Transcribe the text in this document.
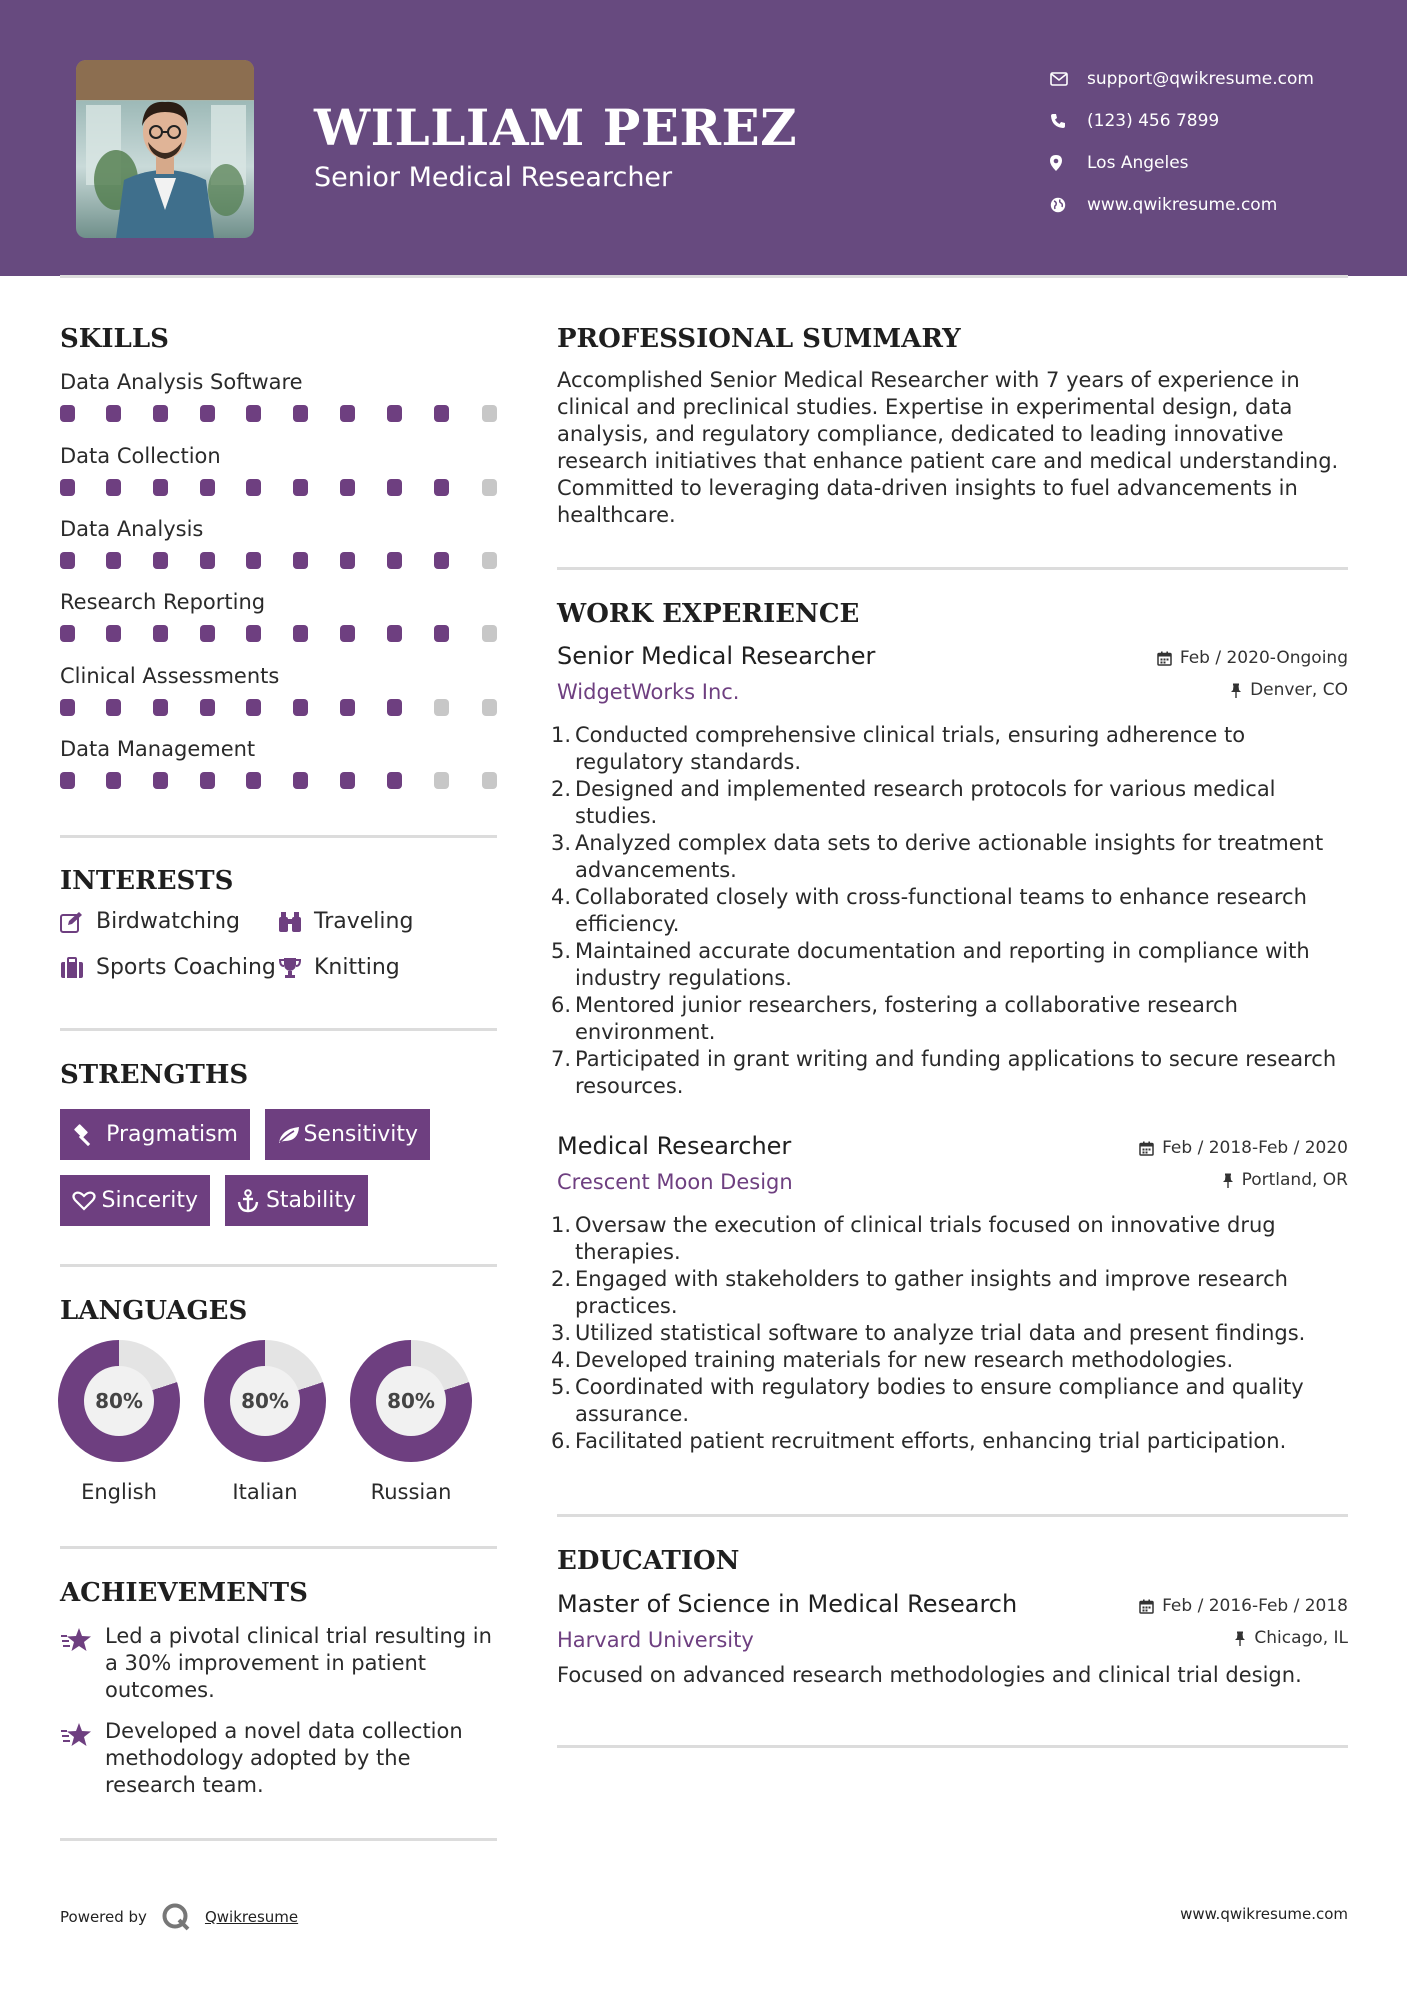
WILLIAM PEREZ
Senior Medical Researcher
support@qwikresume.com
(123) 456 7899
Los Angeles
www.qwikresume.com
SKILLS
Data Analysis Software
Data Collection
Data Analysis
Research Reporting
Clinical Assessments
Data Management
INTERESTS
Birdwatching	Traveling
Sports Coaching Knitting
STRENGTHS
Pragmatism	Sensitivity
Sincerity	Stability
LANGUAGES
80%
English
80%
Italian
80%
Russian
ACHIEVEMENTS
Led a pivotal clinical trial resulting in a 30% improvement in patient outcomes.
Developed a novel data collection methodology adopted by the research team.
PROFESSIONAL SUMMARY
Accomplished Senior Medical Researcher with 7 years of experience in clinical and preclinical studies. Expertise in experimental design, data analysis, and regulatory compliance, dedicated to leading innovative research initiatives that enhance patient care and medical understanding. Committed to leveraging data-driven insights to fuel advancements in healthcare.
WORK EXPERIENCE
Senior Medical Researcher
WidgetWorks Inc.
Feb / 2020-Ongoing
Denver, CO
1. Conducted comprehensive clinical trials, ensuring adherence to regulatory standards.
2. Designed and implemented research protocols for various medical studies.
3. Analyzed complex data sets to derive actionable insights for treatment advancements.
4. Collaborated closely with cross-functional teams to enhance research efficiency.
5. Maintained accurate documentation and reporting in compliance with industry regulations.
6. Mentored junior researchers, fostering a collaborative research environment.
7. Participated in grant writing and funding applications to secure research resources.
Medical Researcher
Crescent Moon Design
Feb / 2018-Feb / 2020
Portland, OR
1. Oversaw the execution of clinical trials focused on innovative drug therapies.
2. Engaged with stakeholders to gather insights and improve research practices.
3. Utilized statistical software to analyze trial data and present findings.
4. Developed training materials for new research methodologies.
5. Coordinated with regulatory bodies to ensure compliance and quality assurance.
6. Facilitated patient recruitment efforts, enhancing trial participation.
EDUCATION
Master of Science in Medical Research
Harvard University
Feb / 2016-Feb / 2018
Chicago, IL
Focused on advanced research methodologies and clinical trial design.
Powered by	Qwikresume	www.qwikresume.com
